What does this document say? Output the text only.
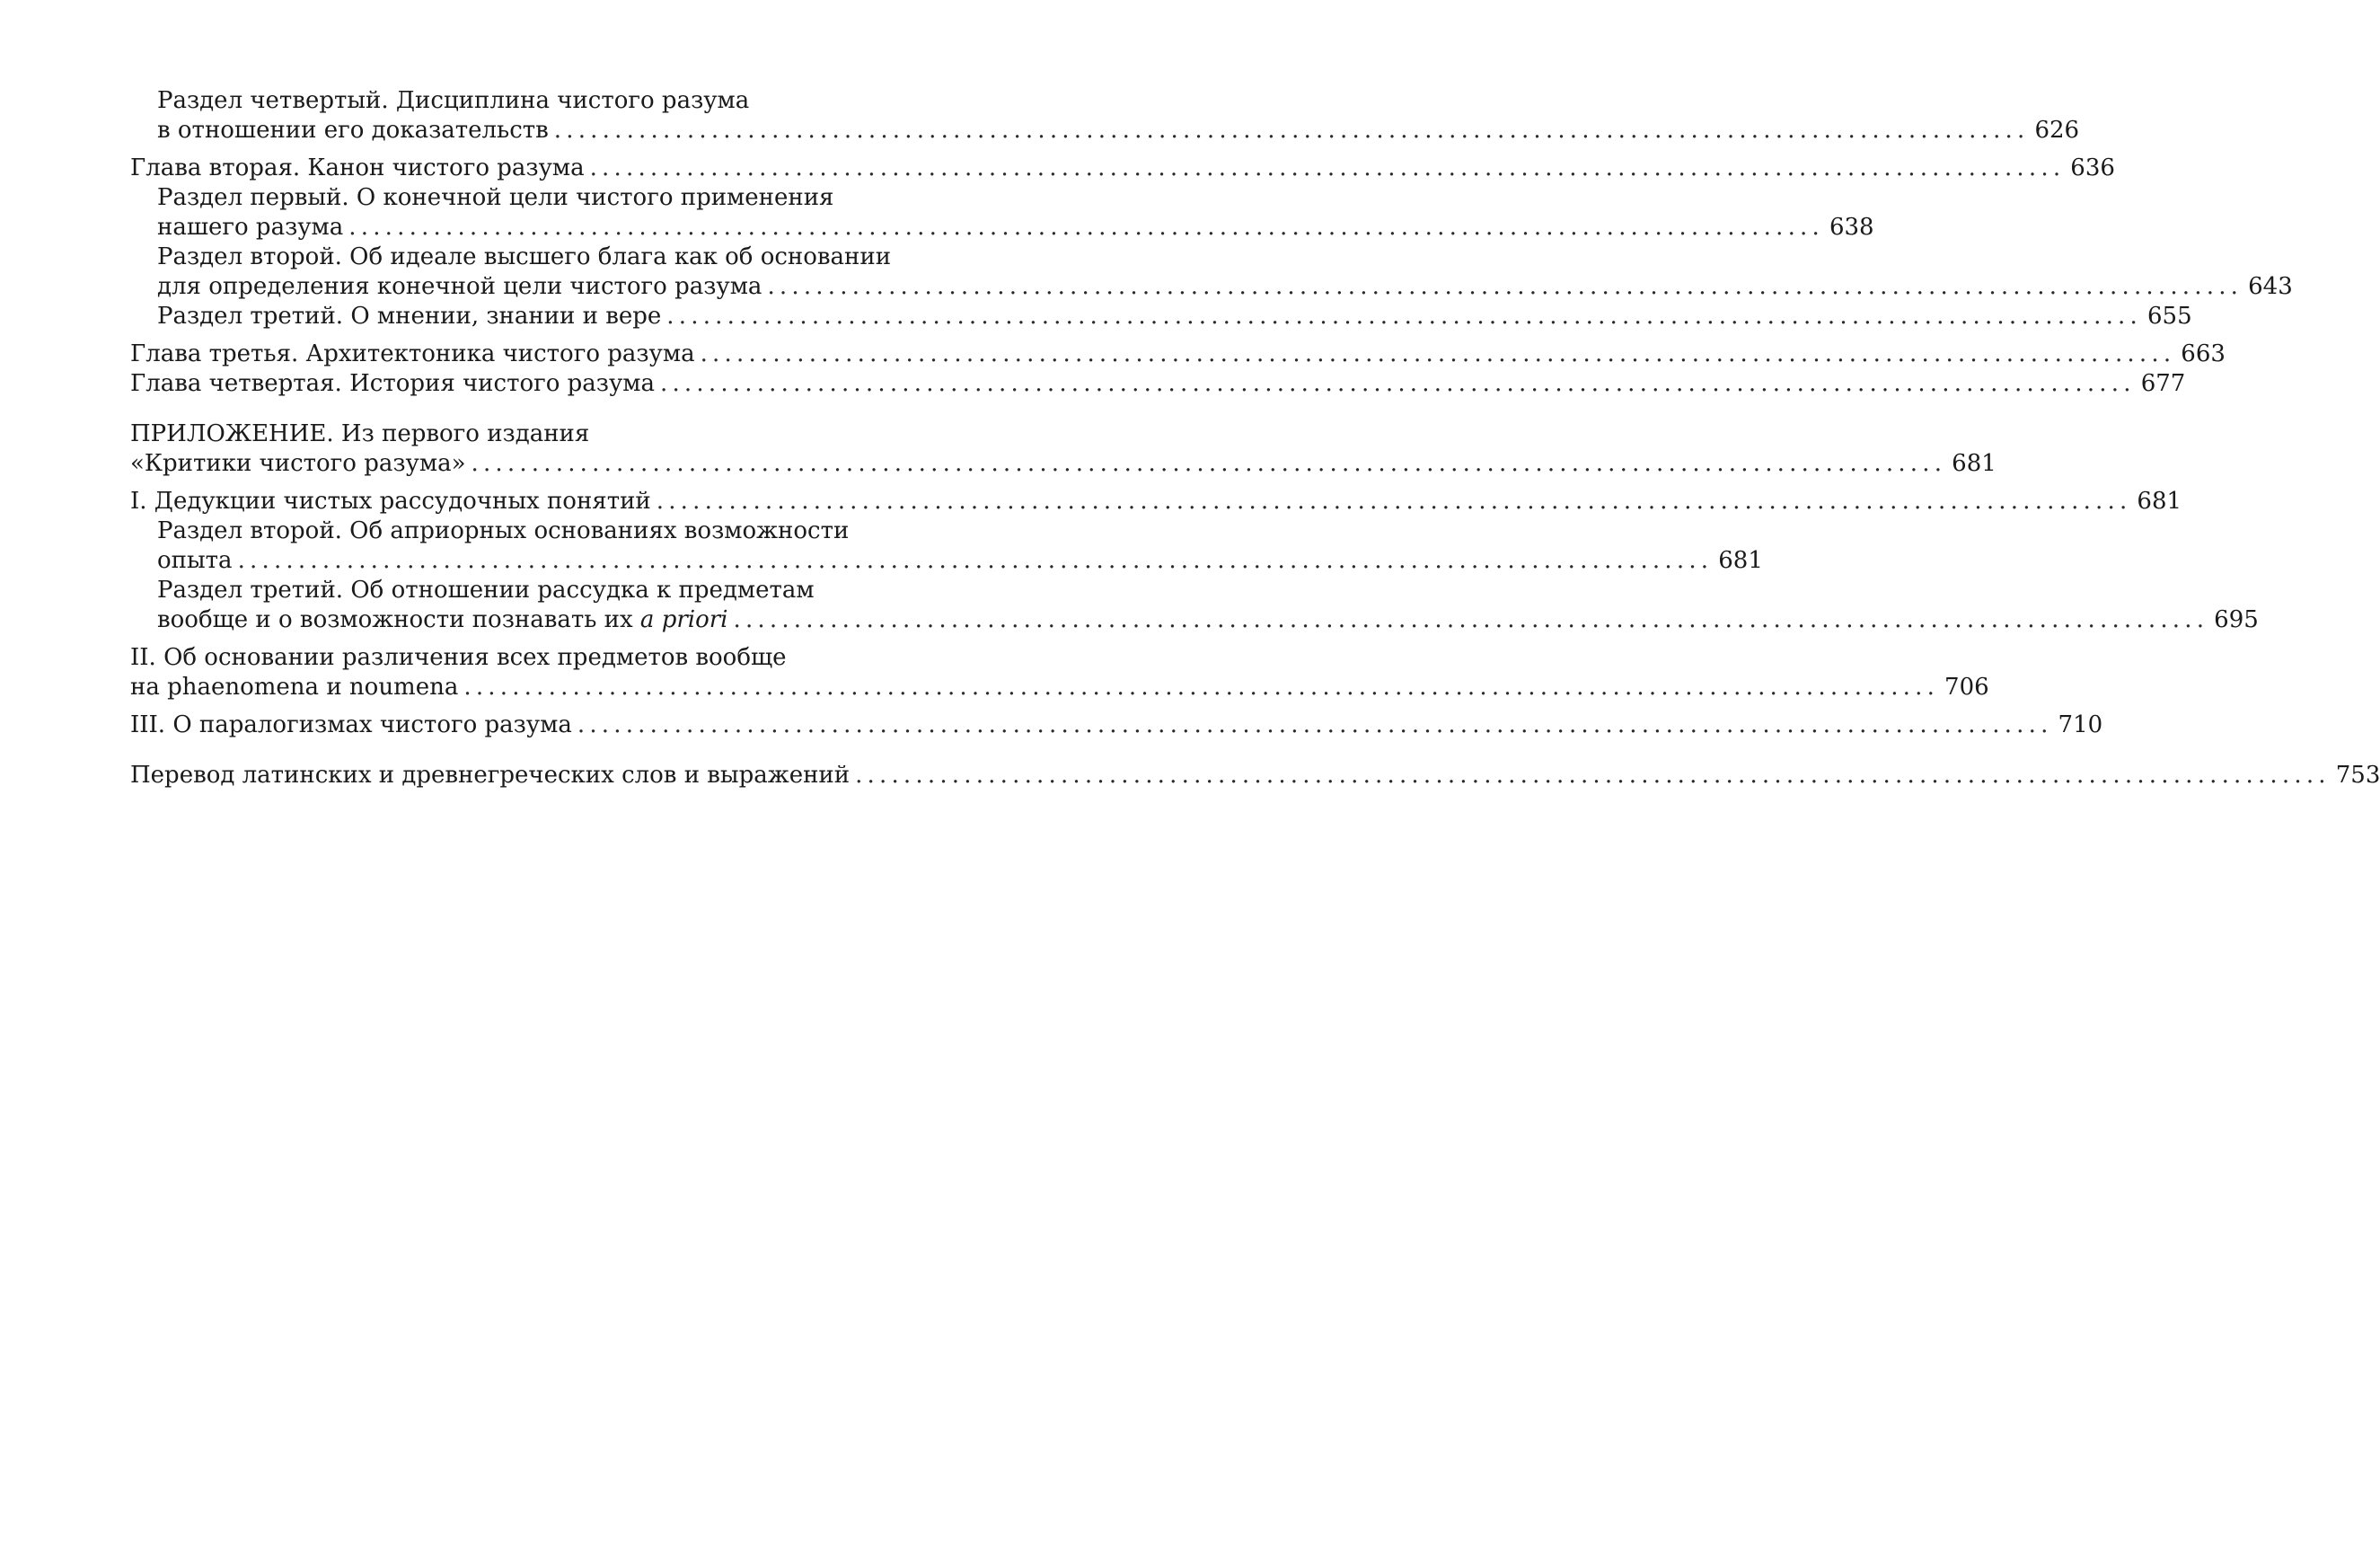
Раздел четвертый. Дисциплина чистого разума
в отношении его доказательств .......................................................................................................................... 626
Глава вторая. Канон чистого разума .......................................................................................................................... 636
Раздел первый. О конечной цели чистого применения
нашего разума .......................................................................................................................... 638
Раздел второй. Об идеале высшего блага как об основании
для определения конечной цели чистого разума .......................................................................................................................... 643
Раздел третий. О мнении, знании и вере .......................................................................................................................... 655
Глава третья. Архитектоника чистого разума .......................................................................................................................... 663
Глава четвертая. История чистого разума .......................................................................................................................... 677
ПРИЛОЖЕНИЕ. Из первого издания
«Критики чистого разума» .......................................................................................................................... 681
I. Дедукции чистых рассудочных понятий .......................................................................................................................... 681
Раздел второй. Об априорных основаниях возможности
опыта .......................................................................................................................... 681
Раздел третий. Об отношении рассудка к предметам
вообще и о возможности познавать их a priori .......................................................................................................................... 695
II. Об основании различения всех предметов вообще
на phaenomena и noumena .......................................................................................................................... 706
III. О паралогизмах чистого разума .......................................................................................................................... 710
Перевод латинских и древнегреческих слов и выражений .......................................................................................................................... 753
